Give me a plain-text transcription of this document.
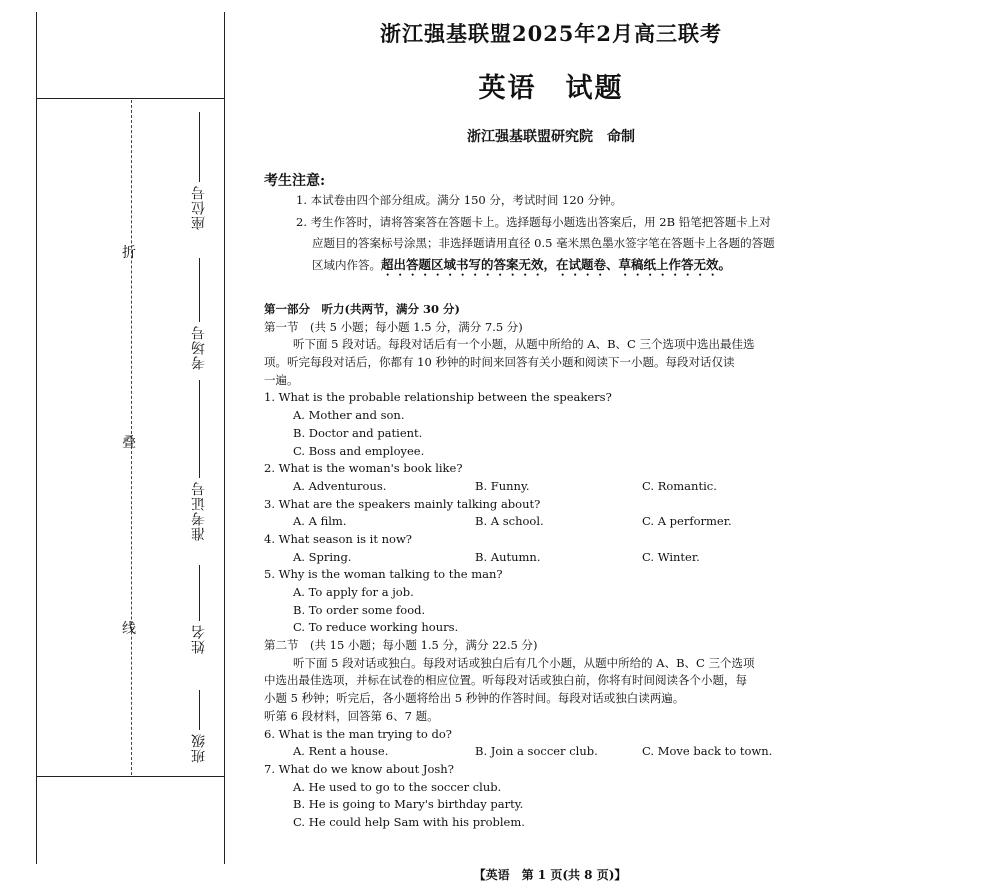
折
叠
线
座位号
考场号
准考证号
姓名
班级
浙江强基联盟2025年2月高三联考
英语　试题
浙江强基联盟研究院　命制
考生注意:
1. 本试卷由四个部分组成。满分 150 分，考试时间 120 分钟。
2. 考生作答时，请将答案答在答题卡上。选择题每小题选出答案后，用 2B 铅笔把答题卡上对
应题目的答案标号涂黑；非选择题请用直径 0.5 毫米黑色墨水签字笔在答题卡上各题的答题
区域内作答。超出答题区域书写的答案无效，在试题卷、草稿纸上作答无效。
第一部分　听力(共两节，满分 30 分)
第一节　(共 5 小题；每小题 1.5 分，满分 7.5 分)
听下面 5 段对话。每段对话后有一个小题，从题中所给的 A、B、C 三个选项中选出最佳选
项。听完每段对话后，你都有 10 秒钟的时间来回答有关小题和阅读下一小题。每段对话仅读
一遍。
1. What is the probable relationship between the speakers?
A. Mother and son.
B. Doctor and patient.
C. Boss and employee.
2. What is the woman's book like?
A. Adventurous.	B. Funny.	C. Romantic.
3. What are the speakers mainly talking about?
A. A film.	B. A school.	C. A performer.
4. What season is it now?
A. Spring.	B. Autumn.	C. Winter.
5. Why is the woman talking to the man?
A. To apply for a job.
B. To order some food.
C. To reduce working hours.
第二节　(共 15 小题；每小题 1.5 分，满分 22.5 分)
听下面 5 段对话或独白。每段对话或独白后有几个小题，从题中所给的 A、B、C 三个选项
中选出最佳选项，并标在试卷的相应位置。听每段对话或独白前，你将有时间阅读各个小题，每
小题 5 秒钟；听完后，各小题将给出 5 秒钟的作答时间。每段对话或独白读两遍。
听第 6 段材料，回答第 6、7 题。
6. What is the man trying to do?
A. Rent a house.	B. Join a soccer club.	C. Move back to town.
7. What do we know about Josh?
A. He used to go to the soccer club.
B. He is going to Mary's birthday party.
C. He could help Sam with his problem.
【英语　第 1 页(共 8 页)】
